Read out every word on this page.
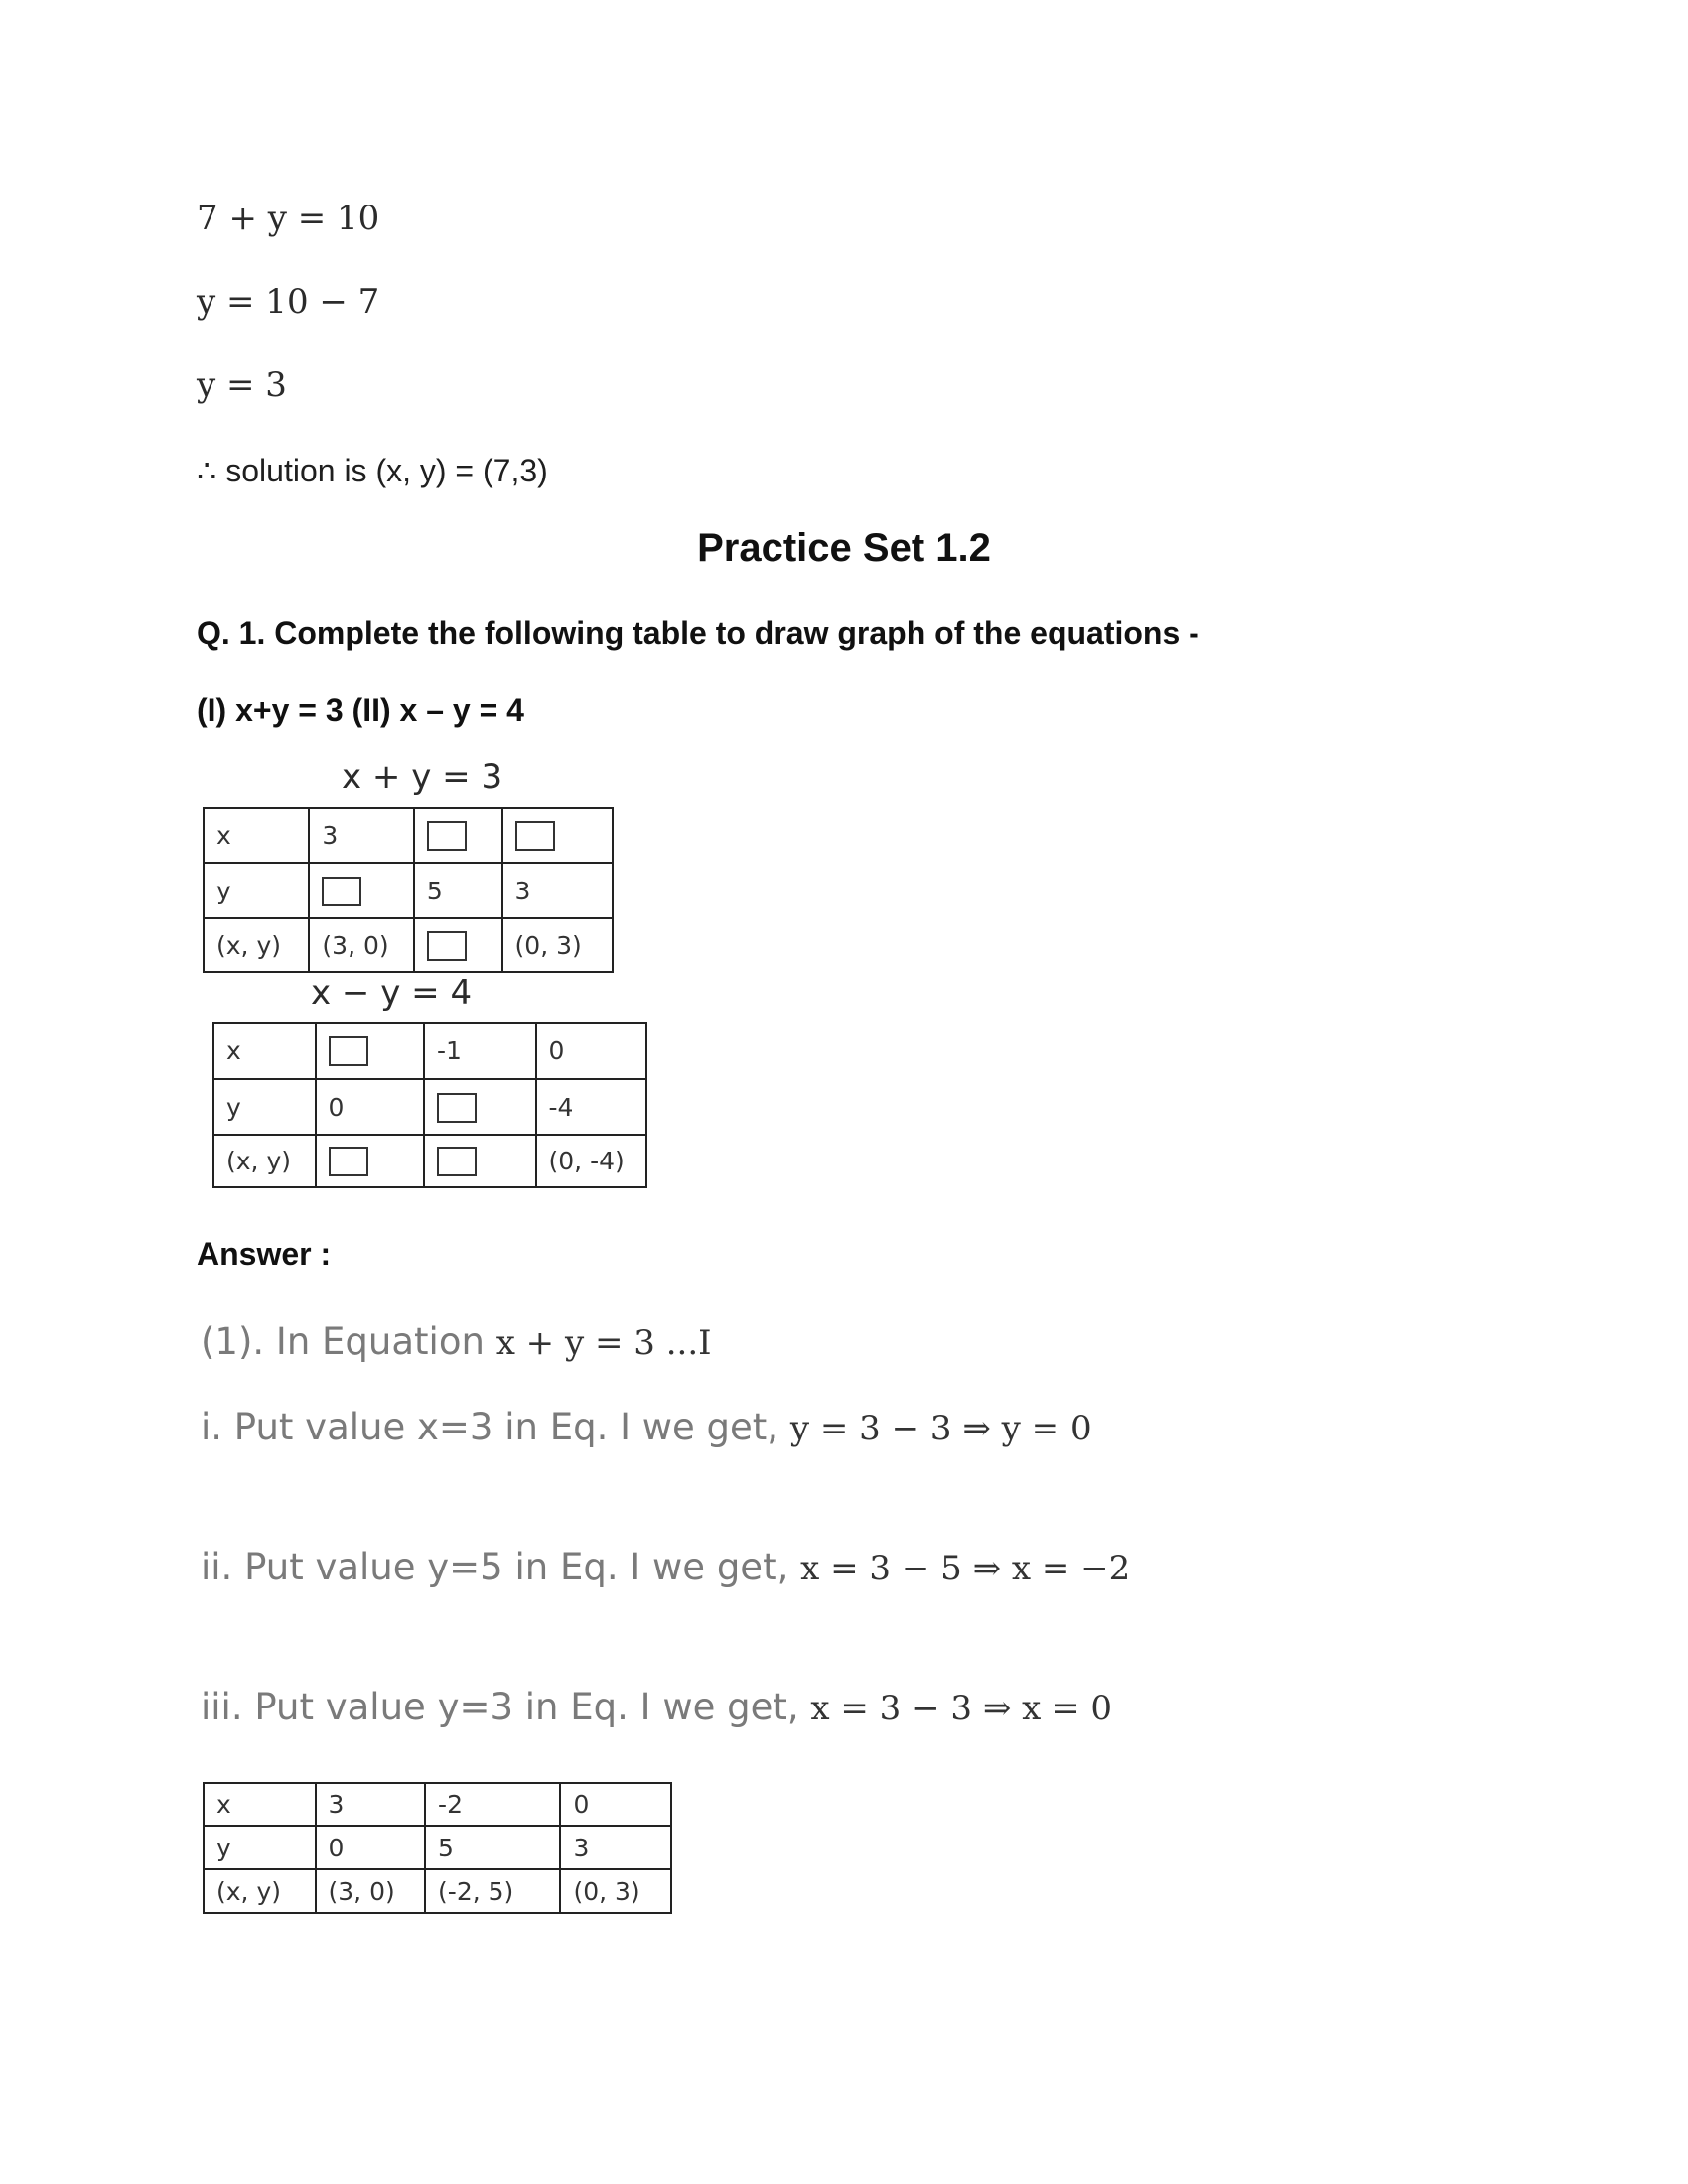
7 + y = 10
y = 10 − 7
y = 3
∴ solution is (x, y) = (7,3)
Practice Set 1.2
Q. 1. Complete the following table to draw graph of the equations -
(I) x+y = 3 (II) x – y = 4
x + y = 3
x	3		
y		5	3
(x, y)	(3, 0)		(0, 3)
x − y = 4
x		-1	0
y	0		-4
(x, y)			(0, -4)
Answer :
(1). In Equation x + y = 3 ...I
i. Put value x=3 in Eq. I we get, y = 3 − 3 ⇒ y = 0
ii. Put value y=5 in Eq. I we get, x = 3 − 5 ⇒ x = −2
iii. Put value y=3 in Eq. I we get, x = 3 − 3 ⇒ x = 0
x	3	-2	0
y	0	5	3
(x, y)	(3, 0)	(-2, 5)	(0, 3)
